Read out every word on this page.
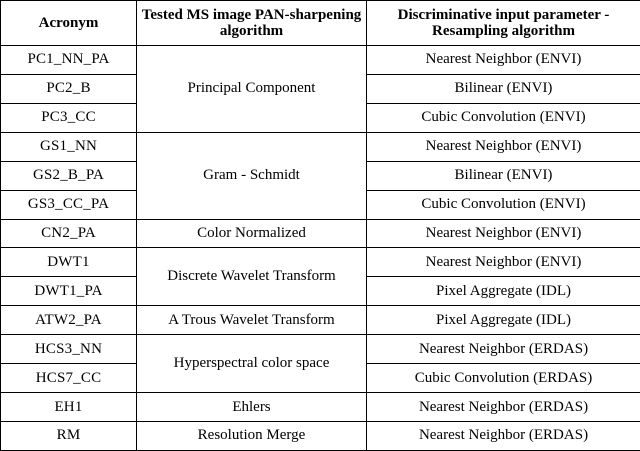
Acronym	Tested MS image PAN-sharpening algorithm	Discriminative input parameter - Resampling algorithm
PC1_NN_PA	Principal Component	Nearest Neighbor (ENVI)
PC2_B		Bilinear (ENVI)
PC3_CC		Cubic Convolution (ENVI)
GS1_NN	Gram - Schmidt	Nearest Neighbor (ENVI)
GS2_B_PA		Bilinear (ENVI)
GS3_CC_PA		Cubic Convolution (ENVI)
CN2_PA	Color Normalized	Nearest Neighbor (ENVI)
DWT1	Discrete Wavelet Transform	Nearest Neighbor (ENVI)
DWT1_PA		Pixel Aggregate (IDL)
ATW2_PA	A Trous Wavelet Transform	Pixel Aggregate (IDL)
HCS3_NN	Hyperspectral color space	Nearest Neighbor (ERDAS)
HCS7_CC		Cubic Convolution (ERDAS)
EH1	Ehlers	Nearest Neighbor (ERDAS)
RM	Resolution Merge	Nearest Neighbor (ERDAS)
